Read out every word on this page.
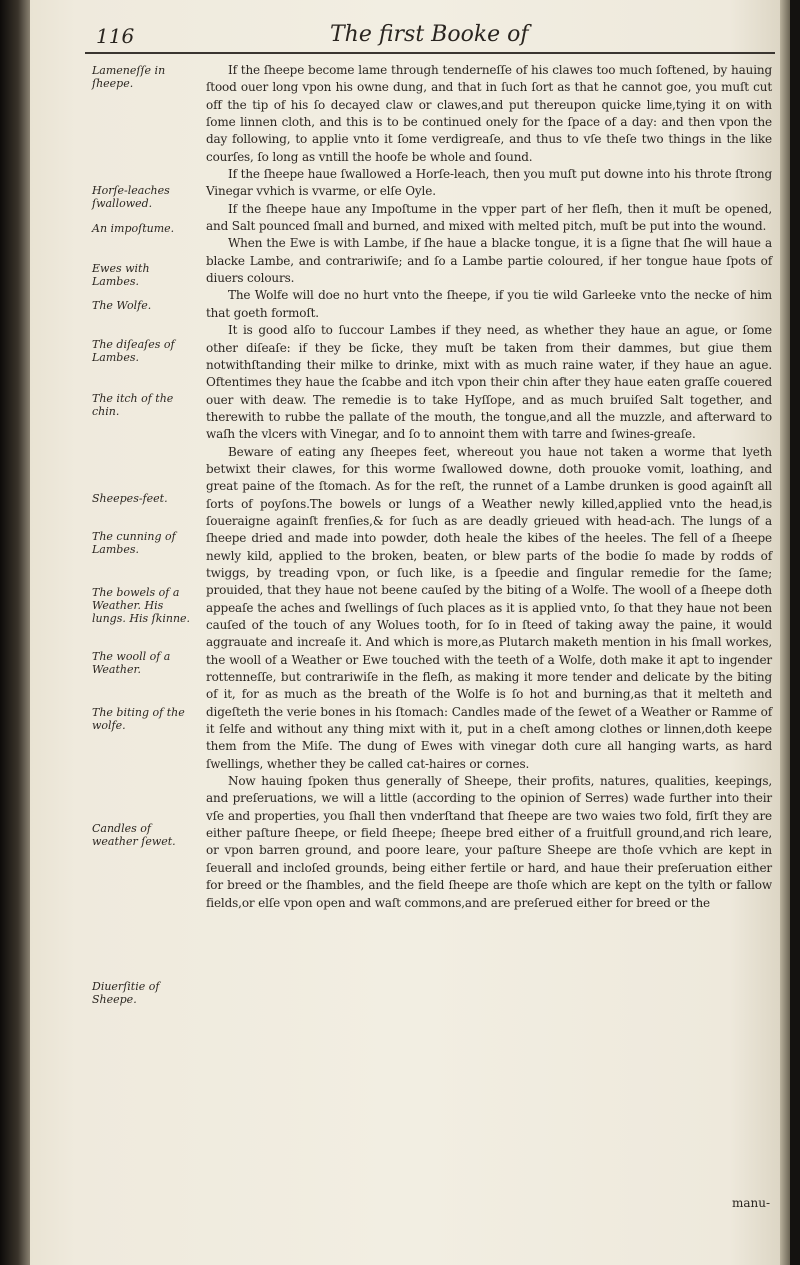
116	The first Booke of
Lameneſſe in ſheepe.
Horſe-leaches ſwallowed.
An impoſtume.
Ewes with Lambes.
The Wolfe.
The diſeaſes of Lambes.
The itch of the chin.
Sheepes-feet.
The cunning of Lambes.
The bowels of a Weather. His lungs. His ſkinne.
The wooll of a Weather.
The biting of the wolfe.
Candles of weather ſewet.
Diuerſitie of Sheepe.

If the ſheepe become lame through tenderneſſe of his clawes too much ſoftened, by hauing ſtood ouer long vpon his owne dung, and that in ſuch ſort as that he cannot goe, you muſt cut off the tip of his ſo decayed claw or clawes,and put thereupon quicke lime,tying it on with ſome linnen cloth, and this is to be continued onely for the ſpace of a day: and then vpon the day following, to applie vnto it ſome verdigreaſe, and thus to vſe theſe two things in the like courſes, ſo long as vntill the hoofe be whole and ſound.

If the ſheepe haue ſwallowed a Horſe-leach, then you muſt put downe into his throte ſtrong Vinegar vvhich is vvarme, or elſe Oyle.

If the ſheepe haue any Impoſtume in the vpper part of her fleſh, then it muſt be opened, and Salt pounced ſmall and burned, and mixed with melted pitch, muſt be put into the wound.

When the Ewe is with Lambe, if ſhe haue a blacke tongue, it is a ſigne that ſhe will haue a blacke Lambe, and contrariwiſe; and ſo a Lambe partie coloured, if her tongue haue ſpots of diuers colours.

The Wolfe will doe no hurt vnto the ſheepe, if you tie wild Garleeke vnto the necke of him that goeth formoſt.

It is good alſo to ſuccour Lambes if they need, as whether they haue an ague, or ſome other diſeaſe: if they be ſicke, they muſt be taken from their dammes, but giue them notwithſtanding their milke to drinke, mixt with as much raine water, if they haue an ague. Oftentimes they haue the ſcabbe and itch vpon their chin after they haue eaten graſſe couered ouer with deaw. The remedie is to take Hyſſope, and as much bruiſed Salt together, and therewith to rubbe the pallate of the mouth, the tongue,and all the muzzle, and afterward to waſh the vlcers with Vinegar, and ſo to annoint them with tarre and ſwines-greaſe.

Beware of eating any ſheepes feet, whereout you haue not taken a worme that lyeth betwixt their clawes, for this worme ſwallowed downe, doth prouoke vomit, loathing, and great paine of the ſtomach. As for the reſt, the runnet of a Lambe drunken is good againſt all ſorts of poyſons.The bowels or lungs of a Weather newly killed,applied vnto the head,is ſoueraigne againſt frenſies,& for ſuch as are deadly grieued with head-ach. The lungs of a ſheepe dried and made into powder, doth heale the kibes of the heeles. The fell of a ſheepe newly kild, applied to the broken, beaten, or blew parts of the bodie ſo made by rodds of twiggs, by treading vpon, or ſuch like, is a ſpeedie and ſingular remedie for the ſame; prouided, that they haue not beene cauſed by the biting of a Wolfe. The wooll of a ſheepe doth appeaſe the aches and ſwellings of ſuch places as it is applied vnto, ſo that they haue not been cauſed of the touch of any Wolues tooth, for ſo in ſteed of taking away the paine, it would aggrauate and increaſe it. And which is more,as Plutarch maketh mention in his ſmall workes, the wooll of a Weather or Ewe touched with the teeth of a Wolfe, doth make it apt to ingender rottenneſſe, but contrariwiſe in the fleſh, as making it more tender and delicate by the biting of it, for as much as the breath of the Wolfe is ſo hot and burning,as that it melteth and digeſteth the verie bones in his ſtomach: Candles made of the ſewet of a Weather or Ramme of it ſelfe and without any thing mixt with it, put in a cheſt among clothes or linnen,doth keepe them from the Miſe. The dung of Ewes with vinegar doth cure all hanging warts, as hard ſwellings, whether they be called cat-haires or cornes.

Now hauing ſpoken thus generally of Sheepe, their profits, natures, qualities, keepings, and preſeruations, we will a little (according to the opinion of Serres) wade further into their vſe and properties, you ſhall then vnderſtand that ſheepe are two waies two fold, firſt they are either paſture ſheepe, or field ſheepe; ſheepe bred either of a fruitfull ground,and rich leare, or vpon barren ground, and poore leare, your paſture Sheepe are thoſe vvhich are kept in ſeuerall and incloſed grounds, being either fertile or hard, and haue their preſeruation either for breed or the ſhambles, and the field ſheepe are thoſe which are kept on the tylth or fallow fields,or elſe vpon open and waſt commons,and are preſerued either for breed or the

manu-
